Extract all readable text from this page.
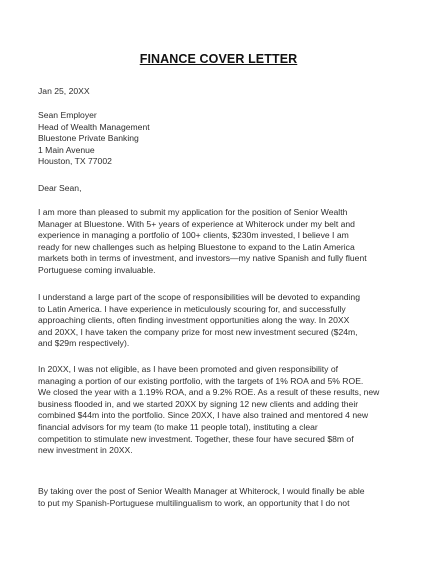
FINANCE COVER LETTER
Jan 25, 20XX
Sean Employer
Head of Wealth Management
Bluestone Private Banking
1 Main Avenue
Houston, TX 77002
Dear Sean,
I am more than pleased to submit my application for the position of Senior Wealth
Manager at Bluestone. With 5+ years of experience at Whiterock under my belt and
experience in managing a portfolio of 100+ clients, $230m invested, I believe I am
ready for new challenges such as helping Bluestone to expand to the Latin America
markets both in terms of investment, and investors—my native Spanish and fully fluent
Portuguese coming invaluable.
I understand a large part of the scope of responsibilities will be devoted to expanding
to Latin America. I have experience in meticulously scouring for, and successfully
approaching clients, often finding investment opportunities along the way. In 20XX
and 20XX, I have taken the company prize for most new investment secured ($24m,
and $29m respectively).
In 20XX, I was not eligible, as I have been promoted and given responsibility of
managing a portion of our existing portfolio, with the targets of 1% ROA and 5% ROE.
We closed the year with a 1.19% ROA, and a 9.2% ROE. As a result of these results, new
business flooded in, and we started 20XX by signing 12 new clients and adding their
combined $44m into the portfolio. Since 20XX, I have also trained and mentored 4 new
financial advisors for my team (to make 11 people total), instituting a clear
competition to stimulate new investment. Together, these four have secured $8m of
new investment in 20XX.
By taking over the post of Senior Wealth Manager at Whiterock, I would finally be able
to put my Spanish-Portuguese multilingualism to work, an opportunity that I do not
